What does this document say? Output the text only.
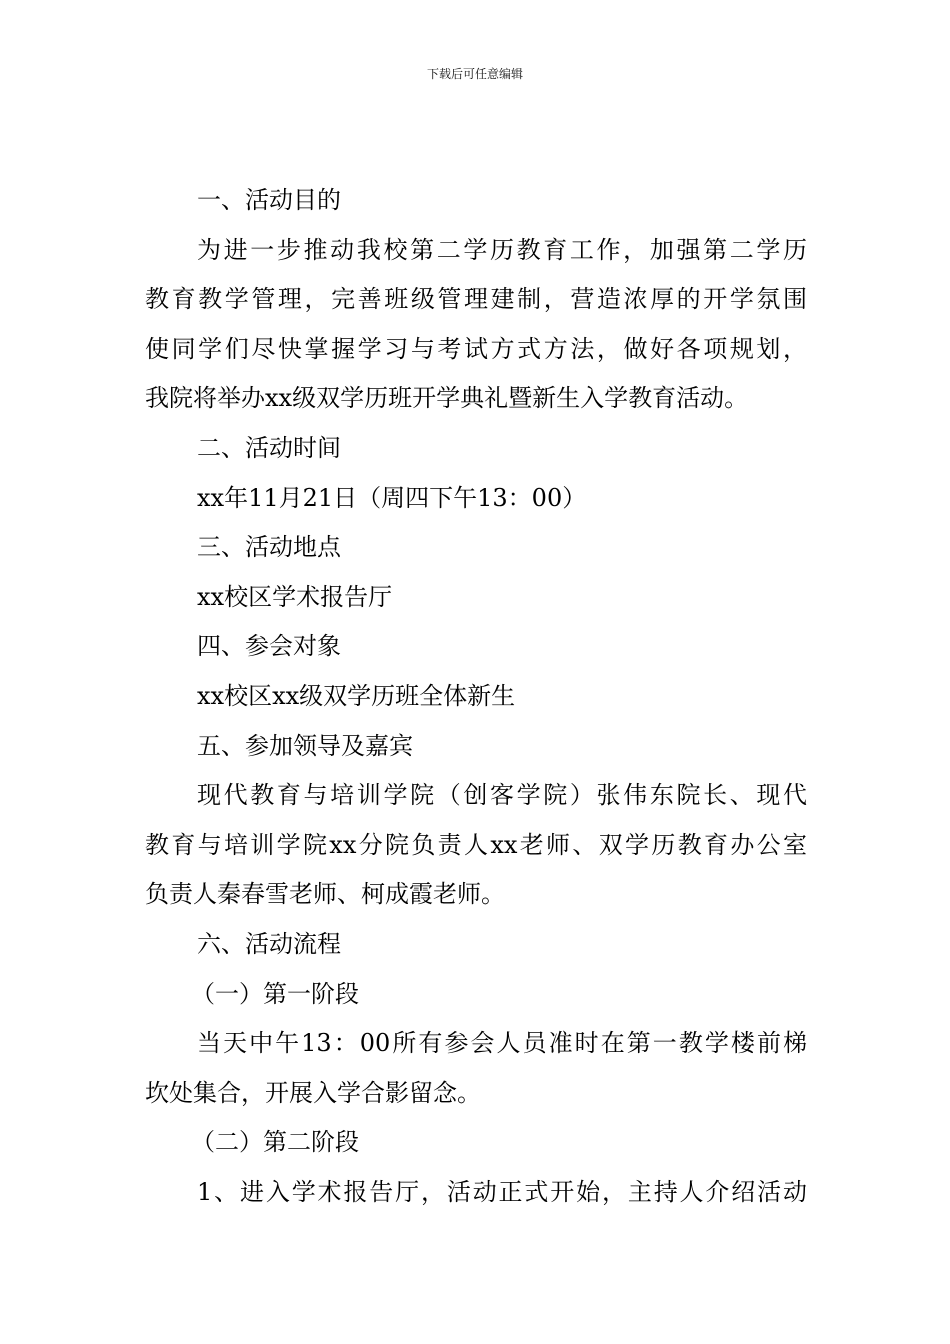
下载后可任意编辑
一、活动目的
为进一步推动我校第二学历教育工作，加强第二学历
教育教学管理，完善班级管理建制，营造浓厚的开学氛围
使同学们尽快掌握学习与考试方式方法，做好各项规划，
我院将举办xx级双学历班开学典礼暨新生入学教育活动。
二、活动时间
xx年11月21日（周四下午13：00）
三、活动地点
xx校区学术报告厅
四、参会对象
xx校区xx级双学历班全体新生
五、参加领导及嘉宾
现代教育与培训学院（创客学院）张伟东院长、现代
教育与培训学院xx分院负责人xx老师、双学历教育办公室
负责人秦春雪老师、柯成霞老师。
六、活动流程
（一）第一阶段
当天中午13：00所有参会人员准时在第一教学楼前梯
坎处集合，开展入学合影留念。
（二）第二阶段
1、进入学术报告厅，活动正式开始，主持人介绍活动
